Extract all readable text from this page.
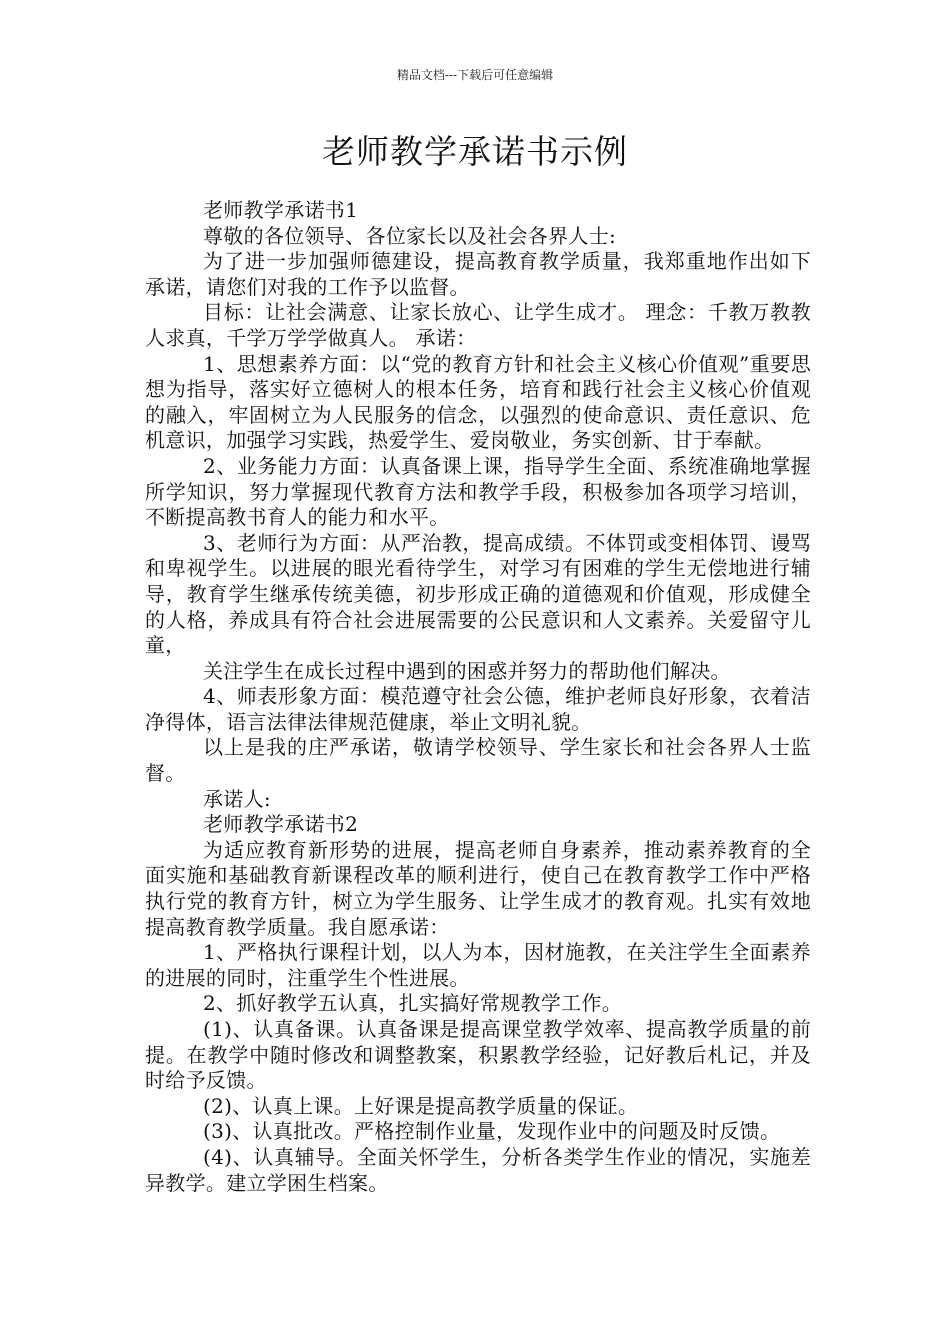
精品文档---下载后可任意编辑
老师教学承诺书示例

老师教学承诺书1

尊敬的各位领导、各位家长以及社会各界人士:

为了进一步加强师德建设，提高教育教学质量，我郑重地作出如下承诺，请您们对我的工作予以监督。

目标：让社会满意、让家长放心、让学生成才。 理念：千教万教教人求真，千学万学学做真人。 承诺：

1、思想素养方面：以“党的教育方针和社会主义核心价值观”重要思想为指导，落实好立德树人的根本任务，培育和践行社会主义核心价值观的融入，牢固树立为人民服务的信念，以强烈的使命意识、责任意识、危机意识，加强学习实践，热爱学生、爱岗敬业，务实创新、甘于奉献。

2、业务能力方面：认真备课上课，指导学生全面、系统准确地掌握所学知识，努力掌握现代教育方法和教学手段，积极参加各项学习培训，不断提高教书育人的能力和水平。

3、老师行为方面：从严治教，提高成绩。不体罚或变相体罚、谩骂和卑视学生。以进展的眼光看待学生，对学习有困难的学生无偿地进行辅导，教育学生继承传统美德，初步形成正确的道德观和价值观，形成健全的人格，养成具有符合社会进展需要的公民意识和人文素养。关爱留守儿童，

关注学生在成长过程中遇到的困惑并努力的帮助他们解决。

4、师表形象方面：模范遵守社会公德，维护老师良好形象，衣着洁净得体，语言法律法律规范健康，举止文明礼貌。

以上是我的庄严承诺，敬请学校领导、学生家长和社会各界人士监督。

承诺人:

老师教学承诺书2

为适应教育新形势的进展，提高老师自身素养，推动素养教育的全面实施和基础教育新课程改革的顺利进行，使自己在教育教学工作中严格执行党的教育方针，树立为学生服务、让学生成才的教育观。扎实有效地提高教育教学质量。我自愿承诺：

1、严格执行课程计划，以人为本，因材施教，在关注学生全面素养的进展的同时，注重学生个性进展。

2、抓好教学五认真，扎实搞好常规教学工作。

(1)、认真备课。认真备课是提高课堂教学效率、提高教学质量的前提。在教学中随时修改和调整教案，积累教学经验，记好教后札记，并及时给予反馈。

(2)、认真上课。上好课是提高教学质量的保证。

(3)、认真批改。严格控制作业量，发现作业中的问题及时反馈。

(4)、认真辅导。全面关怀学生，分析各类学生作业的情况，实施差异教学。建立学困生档案。
